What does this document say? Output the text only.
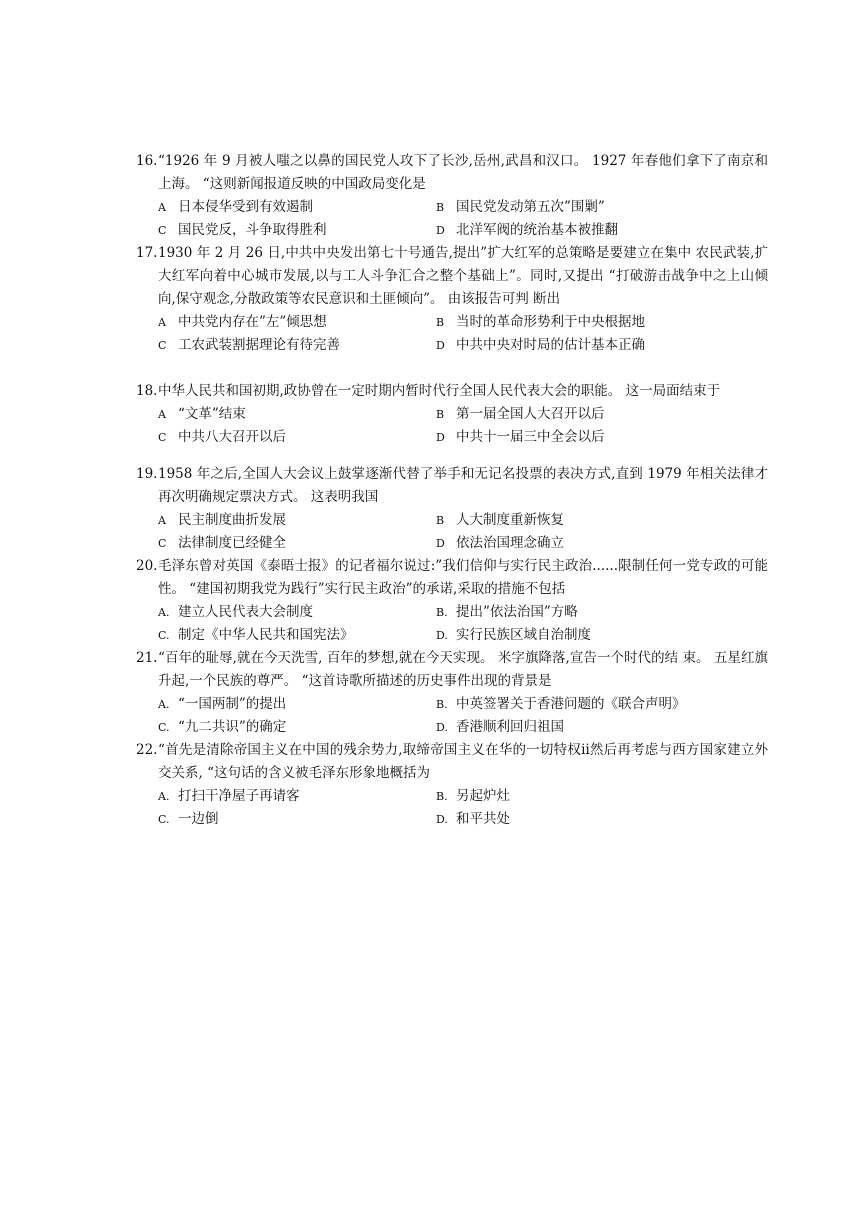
16. “1926 年 9 月被人嗤之以鼻的国民党人攻下了长沙,岳州,武昌和汉口。 1927 年春他们拿下了南京和上海。 “这则新闻报道反映的中国政局变化是
A 日本侵华受到有效遏制	B 国民党发动第五次”围剿”
C 国民党反，斗争取得胜利	D 北洋军阀的统治基本被推翻
17. 1930 年 2 月 26 日,中共中央发出第七十号通告,提出”扩大红军的总策略是要建立在集中 农民武装,扩大红军向着中心城市发展,以与工人斗争汇合之整个基础上”。同时,又提出 “打破游击战争中之上山倾向,保守观念,分散政策等农民意识和土匪倾向”。 由该报告可判 断出
A 中共党内存在”左”倾思想	B 当时的革命形势利于中央根据地
C 工农武装割据理论有待完善	D 中共中央对时局的估计基本正确
18. 中华人民共和国初期,政协曾在一定时期内暂时代行全国人民代表大会的职能。 这一局面结束于
A “文革”结束	B 第一届全国人大召开以后
C 中共八大召开以后	D 中共十一届三中全会以后
19. 1958 年之后,全国人大会议上鼓掌逐渐代替了举手和无记名投票的表决方式,直到 1979 年相关法律才再次明确规定票决方式。 这表明我国
A 民主制度曲折发展	B 人大制度重新恢复
C 法律制度已经健全	D 依法治国理念确立
20. 毛泽东曾对英国《泰晤士报》的记者福尔说过:”我们信仰与实行民主政治......限制任何一党专政的可能性。 “建国初期我党为践行”实行民主政治”的承诺,采取的措施不包括
A. 建立人民代表大会制度	B. 提出”依法治国”方略
C. 制定《中华人民共和国宪法》	D. 实行民族区域自治制度
21. “百年的耻辱,就在今天洗雪, 百年的梦想,就在今天实现。 米字旗降落,宣告一个时代的结 束。 五星红旗升起,一个民族的尊严。 “这首诗歌所描述的历史事件出现的背景是
A. “一国两制”的提出	B. 中英签署关于香港问题的《联合声明》
C. “九二共识”的确定	D. 香港顺利回归祖国
22. “首先是清除帝国主义在中国的残余势力,取缔帝国主义在华的一切特权ⅱ然后再考虑与西方国家建立外交关系, “这句话的含义被毛泽东形象地概括为
A. 打扫干净屋子再请客	B. 另起炉灶
C. 一边倒	D. 和平共处
